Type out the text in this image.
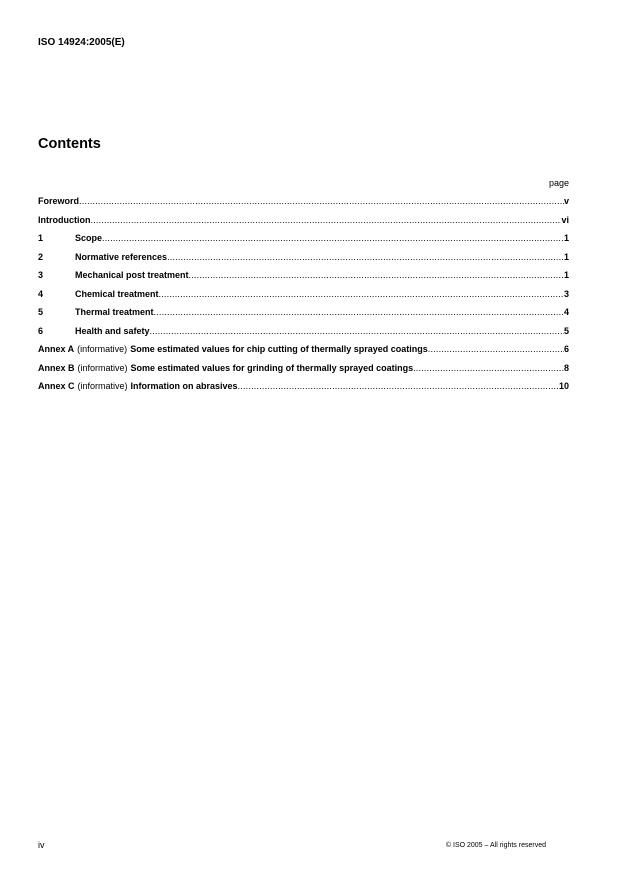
ISO 14924:2005(E)
Contents
page
Foreword .....	v
Introduction .....	vi
1	Scope .....	1
2	Normative references .....	1
3	Mechanical post treatment .....	1
4	Chemical treatment .....	3
5	Thermal treatment .....	4
6	Health and safety .....	5
Annex A (informative) Some estimated values for chip cutting of thermally sprayed coatings .....	6
Annex B (informative) Some estimated values for grinding of thermally sprayed coatings .....	8
Annex C (informative) Information on abrasives .....	10
iv	© ISO 2005 – All rights reserved
